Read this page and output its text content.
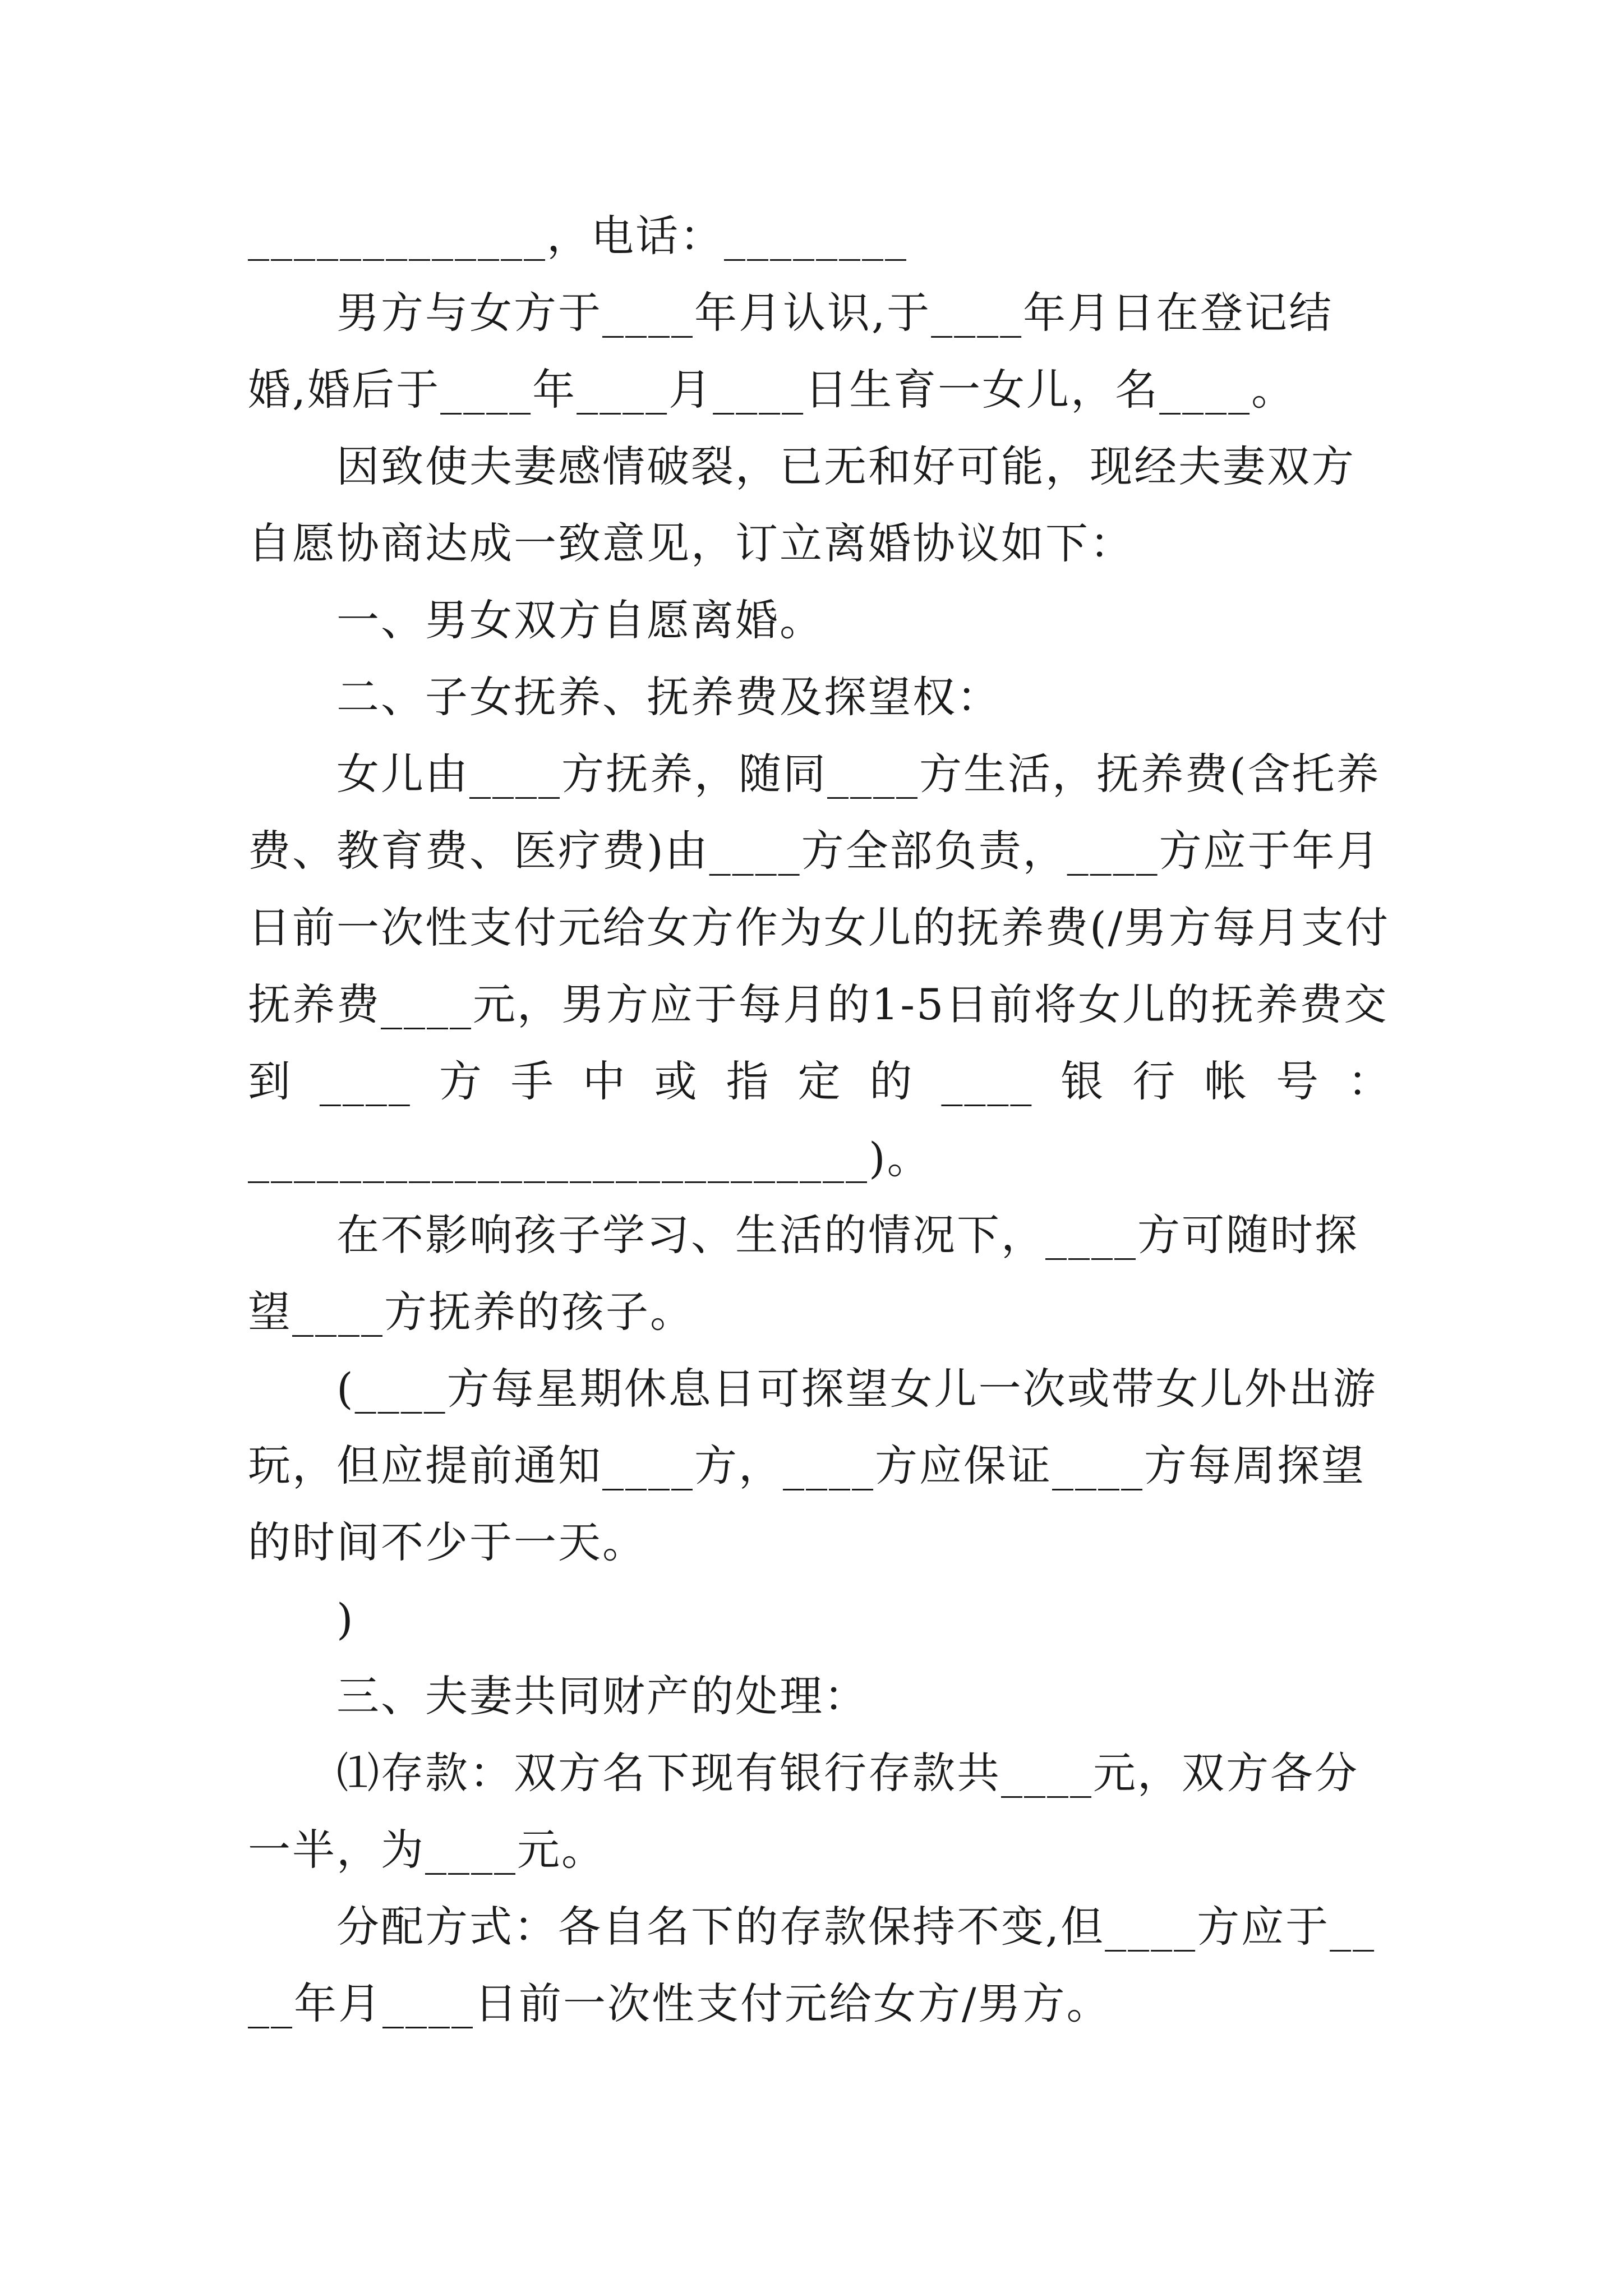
_____________，电话：________

男方与女方于____年月认识,于____年月日在登记结婚,婚后于____年____月____日生育一女儿，名____。

因致使夫妻感情破裂，已无和好可能，现经夫妻双方自愿协商达成一致意见，订立离婚协议如下：

一、男女双方自愿离婚。

二、子女抚养、抚养费及探望权：

女儿由____方抚养，随同____方生活，抚养费(含托养费、教育费、医疗费)由____方全部负责，____方应于年月日前一次性支付元给女方作为女儿的抚养费(/男方每月支付抚养费____元，男方应于每月的1-5日前将女儿的抚养费交

到____方手中或指定的____银行帐号：

___________________________)。

在不影响孩子学习、生活的情况下，____方可随时探望____方抚养的孩子。

(____方每星期休息日可探望女儿一次或带女儿外出游玩，但应提前通知____方，____方应保证____方每周探望的时间不少于一天。

)

三、夫妻共同财产的处理：

⑴存款：双方名下现有银行存款共____元，双方各分一半，为____元。

分配方式：各自名下的存款保持不变,但____方应于____年月____日前一次性支付元给女方/男方。
